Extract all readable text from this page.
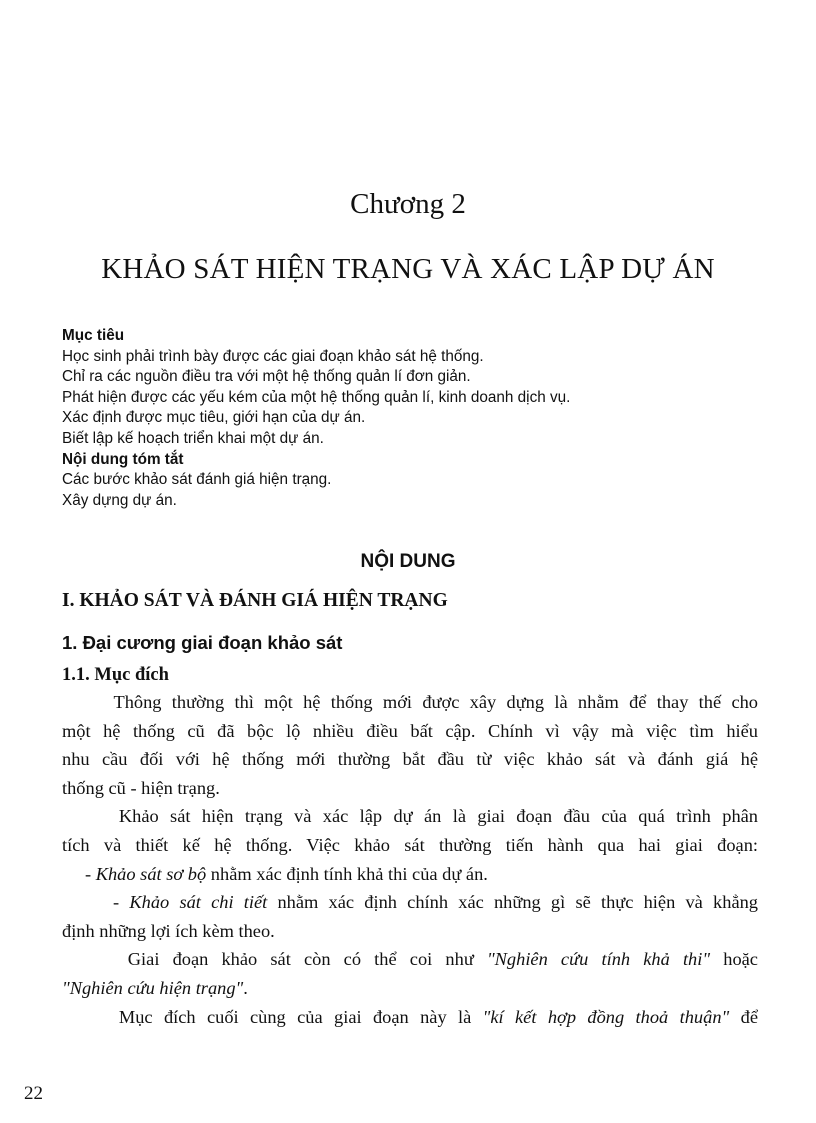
Chương 2
KHẢO SÁT HIỆN TRẠNG VÀ XÁC LẬP DỰ ÁN
Mục tiêu
Học sinh phải trình bày được các giai đoạn khảo sát hệ thống.
Chỉ ra các nguồn điều tra với một hệ thống quản lí đơn giản.
Phát hiện được các yếu kém của một hệ thống quản lí, kinh doanh dịch vụ.
Xác định được mục tiêu, giới hạn của dự án.
Biết lập kế hoạch triển khai một dự án.
Nội dung tóm tắt
Các bước khảo sát đánh giá hiện trạng.
Xây dựng dự án.
NỘI DUNG
I. KHẢO SÁT VÀ ĐÁNH GIÁ HIỆN TRẠNG
1. Đại cương giai đoạn khảo sát
1.1. Mục đích
Thông thường thì một hệ thống mới được xây dựng là nhằm để thay thế cho
một hệ thống cũ đã bộc lộ nhiều điều bất cập. Chính vì vậy mà việc tìm hiểu
nhu cầu đối với hệ thống mới thường bắt đầu từ việc khảo sát và đánh giá hệ
thống cũ - hiện trạng.
Khảo sát hiện trạng và xác lập dự án là giai đoạn đầu của quá trình phân
tích và thiết kế hệ thống. Việc khảo sát thường tiến hành qua hai giai đoạn:
- Khảo sát sơ bộ nhằm xác định tính khả thi của dự án.
- Khảo sát chi tiết nhằm xác định chính xác những gì sẽ thực hiện và khẳng
định những lợi ích kèm theo.
Giai đoạn khảo sát còn có thể coi như "Nghiên cứu tính khả thi" hoặc
"Nghiên cứu hiện trạng".
Mục đích cuối cùng của giai đoạn này là "kí kết hợp đồng thoả thuận" để
22
